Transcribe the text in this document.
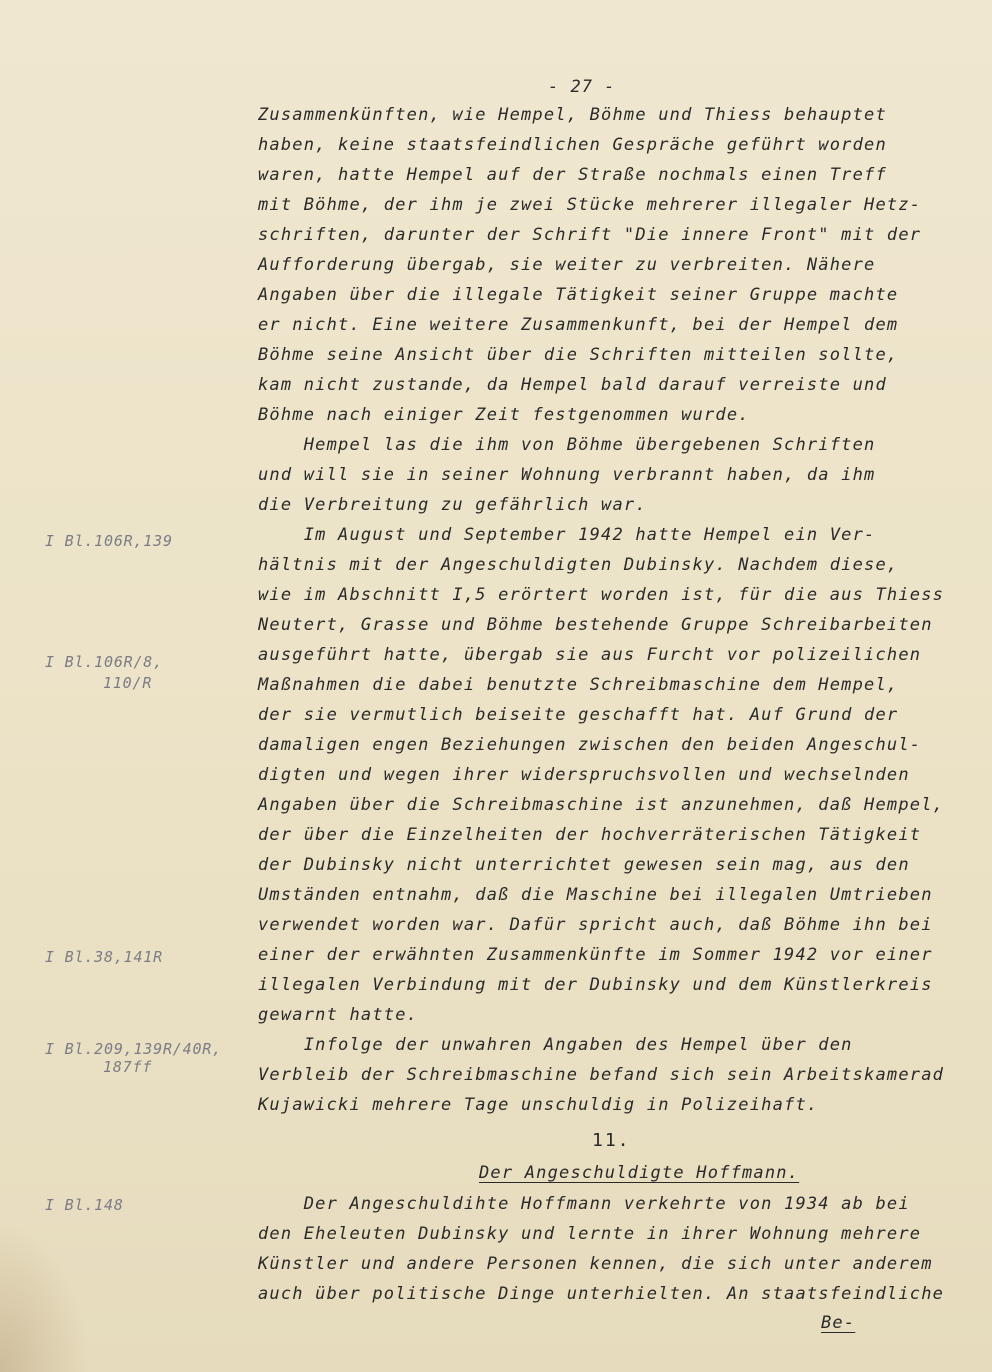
- 27 -
Zusammenkünften, wie Hempel, Böhme und Thiess behauptet
haben, keine staatsfeindlichen Gespräche geführt worden
waren, hatte Hempel auf der Straße nochmals einen Treff
mit Böhme, der ihm je zwei Stücke mehrerer illegaler Hetz-
schriften, darunter der Schrift "Die innere Front" mit der
Aufforderung übergab, sie weiter zu verbreiten. Nähere
Angaben über die illegale Tätigkeit seiner Gruppe machte
er nicht. Eine weitere Zusammenkunft, bei der Hempel dem
Böhme seine Ansicht über die Schriften mitteilen sollte,
kam nicht zustande, da Hempel bald darauf verreiste und
Böhme nach einiger Zeit festgenommen wurde.
Hempel las die ihm von Böhme übergebenen Schriften
und will sie in seiner Wohnung verbrannt haben, da ihm
die Verbreitung zu gefährlich war.
Im August und September 1942 hatte Hempel ein Ver-
hältnis mit der Angeschuldigten Dubinsky. Nachdem diese,
wie im Abschnitt I,5 erörtert worden ist, für die aus Thiess
Neutert, Grasse und Böhme bestehende Gruppe Schreibarbeiten
ausgeführt hatte, übergab sie aus Furcht vor polizeilichen
Maßnahmen die dabei benutzte Schreibmaschine dem Hempel,
der sie vermutlich beiseite geschafft hat. Auf Grund der
damaligen engen Beziehungen zwischen den beiden Angeschul-
digten und wegen ihrer widerspruchsvollen und wechselnden
Angaben über die Schreibmaschine ist anzunehmen, daß Hempel,
der über die Einzelheiten der hochverräterischen Tätigkeit
der Dubinsky nicht unterrichtet gewesen sein mag, aus den
Umständen entnahm, daß die Maschine bei illegalen Umtrieben
verwendet worden war. Dafür spricht auch, daß Böhme ihn bei
einer der erwähnten Zusammenkünfte im Sommer 1942 vor einer
illegalen Verbindung mit der Dubinsky und dem Künstlerkreis
gewarnt hatte.
Infolge der unwahren Angaben des Hempel über den
Verbleib der Schreibmaschine befand sich sein Arbeitskamerad
Kujawicki mehrere Tage unschuldig in Polizeihaft.
11.
Der Angeschuldigte Hoffmann.
Der Angeschuldihte Hoffmann verkehrte von 1934 ab bei
den Eheleuten Dubinsky und lernte in ihrer Wohnung mehrere
Künstler und andere Personen kennen, die sich unter anderem
auch über politische Dinge unterhielten. An staatsfeindliche
Be-
I Bl.106R,139
I Bl.106R/8,
110/R
I Bl.38,141R
I Bl.209,139R/40R,
187ff
I Bl.148
